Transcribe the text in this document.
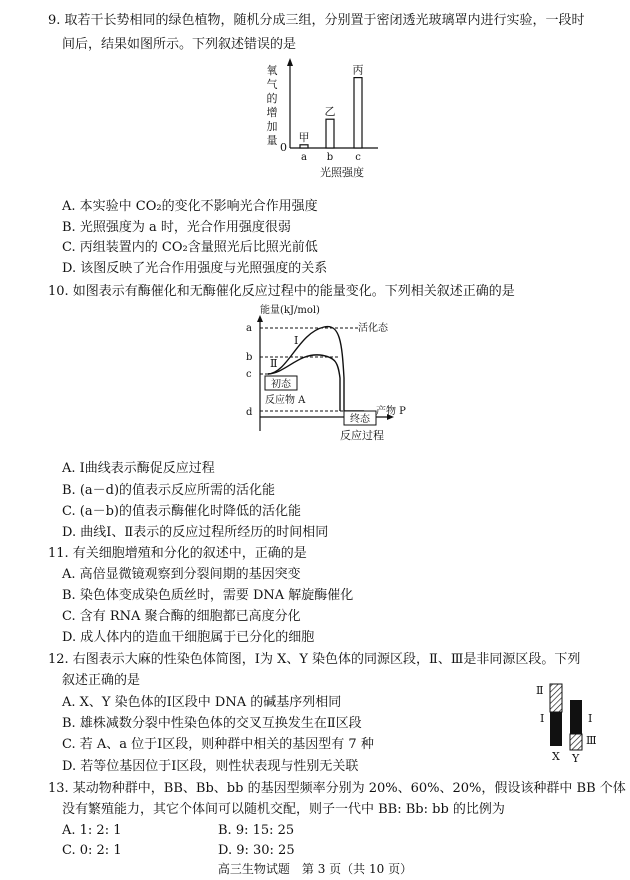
9. 取若干长势相同的绿色植物，随机分成三组，分别置于密闭透光玻璃罩内进行实验，一段时
间后，结果如图所示。下列叙述错误的是
氧
气
的
增
加
量
0
甲
a
乙
b
丙
c
光照强度
A. 本实验中 CO₂的变化不影响光合作用强度
B. 光照强度为 a 时，光合作用强度很弱
C. 丙组装置内的 CO₂含量照光后比照光前低
D. 该图反映了光合作用强度与光照强度的关系
10. 如图表示有酶催化和无酶催化反应过程中的能量变化。下列相关叙述正确的是
能量(kJ/mol)
a
b
c
d
活化态
Ⅰ
Ⅱ
初态
反应物 A
终态
产物 P
反应过程
A. Ⅰ曲线表示酶促反应过程
B. (a－d)的值表示反应所需的活化能
C. (a－b)的值表示酶催化时降低的活化能
D. 曲线Ⅰ、Ⅱ表示的反应过程所经历的时间相同
11. 有关细胞增殖和分化的叙述中，正确的是
A. 高倍显微镜观察到分裂间期的基因突变
B. 染色体变成染色质丝时，需要 DNA 解旋酶催化
C. 含有 RNA 聚合酶的细胞都已高度分化
D. 成人体内的造血干细胞属于已分化的细胞
12. 右图表示大麻的性染色体简图，Ⅰ为 X、Y 染色体的同源区段，Ⅱ、Ⅲ是非同源区段。下列
叙述正确的是
A. X、Y 染色体的Ⅰ区段中 DNA 的碱基序列相同
B. 雄株减数分裂中性染色体的交叉互换发生在Ⅱ区段
C. 若 A、a 位于Ⅰ区段，则种群中相关的基因型有 7 种
D. 若等位基因位于Ⅰ区段，则性状表现与性别无关联
Ⅱ
Ⅰ	Ⅰ
Ⅲ
X Y
13. 某动物种群中，BB、Bb、bb 的基因型频率分别为 20%、60%、20%，假设该种群中 BB 个体
没有繁殖能力，其它个体间可以随机交配，则子一代中 BB: Bb: bb 的比例为
A. 1: 2: 1	B. 9: 15: 25
C. 0: 2: 1	D. 9: 30: 25
高三生物试题　第 3 页（共 10 页）
